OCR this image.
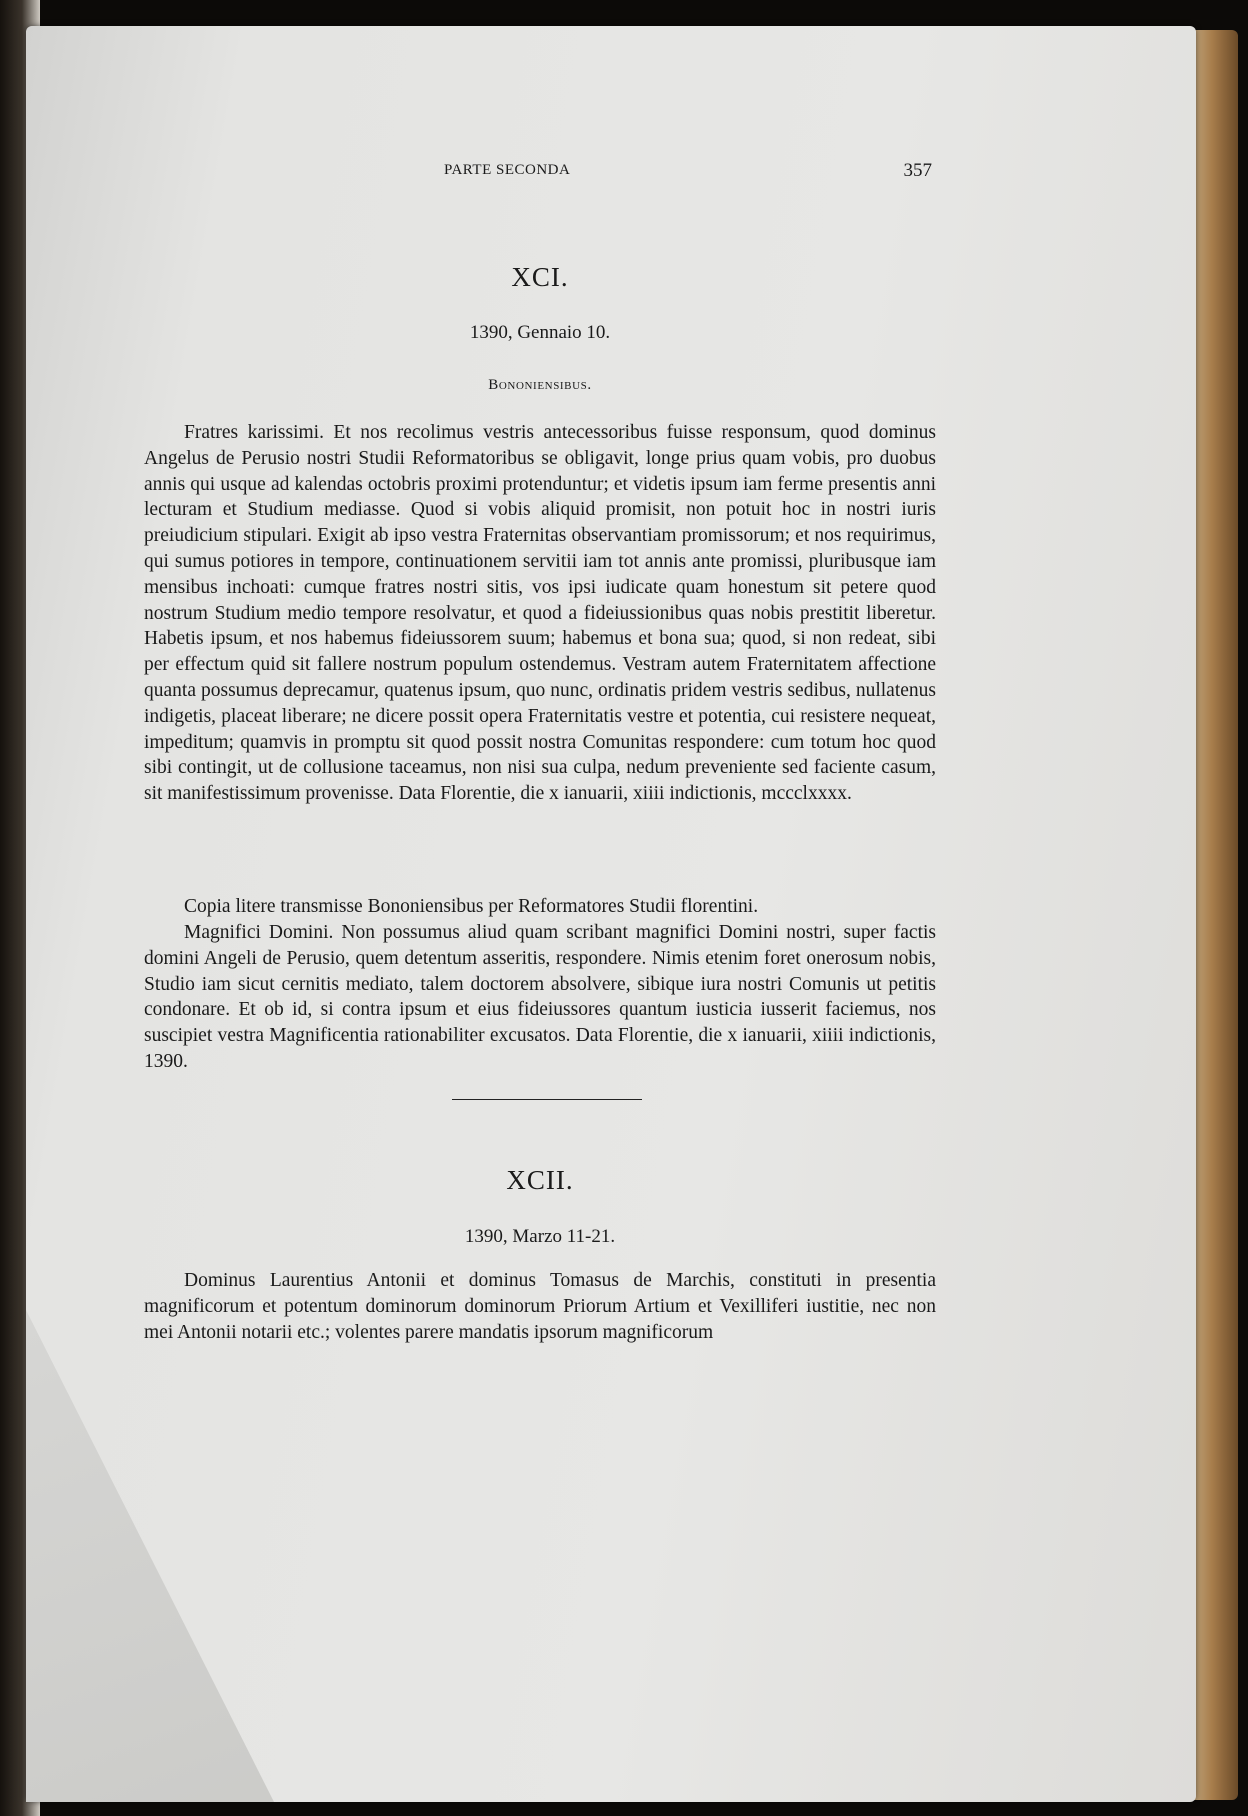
PARTE SECONDA	357
XCI.
1390, Gennaio 10.
Bononiensibus.

Fratres karissimi. Et nos recolimus vestris antecessoribus fuisse responsum, quod dominus Angelus de Perusio nostri Studii Reformatoribus se obligavit, longe prius quam vobis, pro duobus annis qui usque ad kalendas octobris proximi protenduntur; et videtis ipsum iam ferme presentis anni lecturam et Studium mediasse. Quod si vobis aliquid promisit, non potuit hoc in nostri iuris preiudicium stipulari. Exigit ab ipso vestra Fraternitas observantiam promissorum; et nos requirimus, qui sumus potiores in tempore, continuationem servitii iam tot annis ante promissi, pluribusque iam mensibus inchoati: cumque fratres nostri sitis, vos ipsi iudicate quam honestum sit petere quod nostrum Studium medio tempore resolvatur, et quod a fideiussionibus quas nobis prestitit liberetur. Habetis ipsum, et nos habemus fideiussorem suum; habemus et bona sua; quod, si non redeat, sibi per effectum quid sit fallere nostrum populum ostendemus. Vestram autem Fraternitatem affectione quanta possumus deprecamur, quatenus ipsum, quo nunc, ordinatis pridem vestris sedibus, nullatenus indigetis, placeat liberare; ne dicere possit opera Fraternitatis vestre et potentia, cui resistere nequeat, impeditum; quamvis in promptu sit quod possit nostra Comunitas respondere: cum totum hoc quod sibi contingit, ut de collusione taceamus, non nisi sua culpa, nedum preveniente sed faciente casum, sit manifestissimum provenisse. Data Florentie, die x ianuarii, xiiii indictionis, mccclxxxx.

Copia litere transmisse Bononiensibus per Reformatores Studii florentini.

Magnifici Domini. Non possumus aliud quam scribant magnifici Domini nostri, super factis domini Angeli de Perusio, quem detentum asseritis, respondere. Nimis etenim foret onerosum nobis, Studio iam sicut cernitis mediato, talem doctorem absolvere, sibique iura nostri Comunis ut petitis condonare. Et ob id, si contra ipsum et eius fideiussores quantum iusticia iusserit faciemus, nos suscipiet vestra Magnificentia rationabiliter excusatos. Data Florentie, die x ianuarii, xiiii indictionis, 1390.

XCII.
1390, Marzo 11-21.

Dominus Laurentius Antonii et dominus Tomasus de Marchis, constituti in presentia magnificorum et potentum dominorum dominorum Priorum Artium et Vexilliferi iustitie, nec non mei Antonii notarii etc.; volentes parere mandatis ipsorum magnificorum
